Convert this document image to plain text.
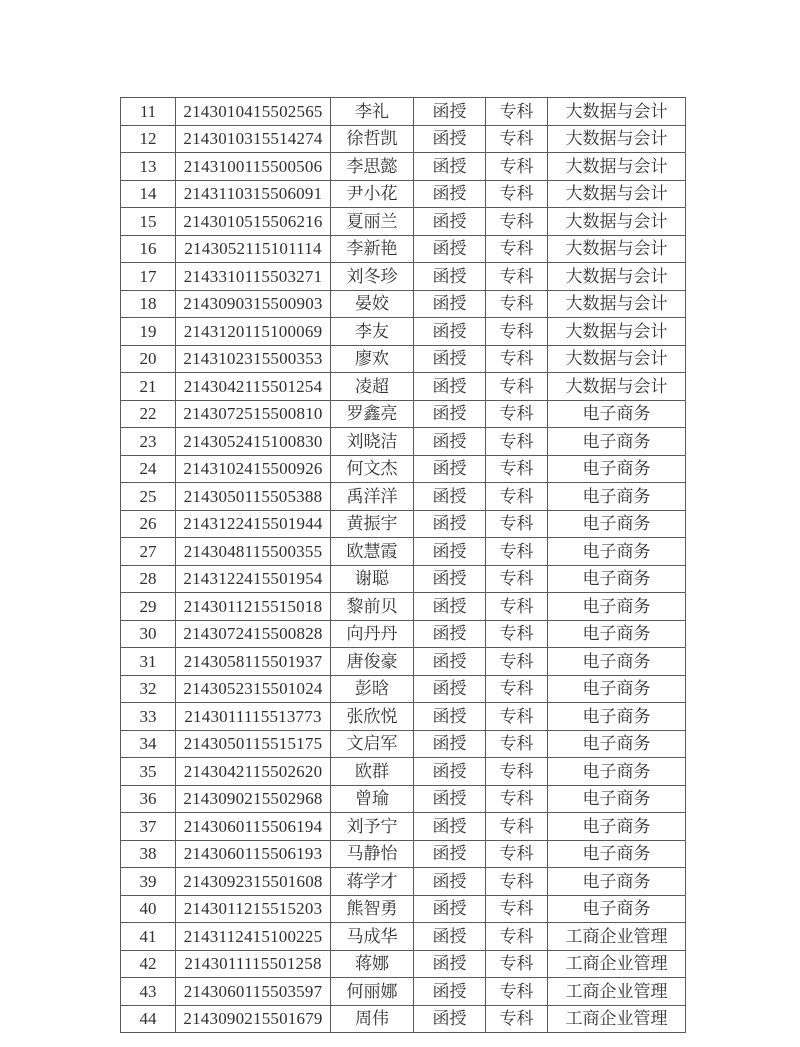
11	2143010415502565	李礼	函授	专科	大数据与会计
12	2143010315514274	徐哲凯	函授	专科	大数据与会计
13	2143100115500506	李思懿	函授	专科	大数据与会计
14	2143110315506091	尹小花	函授	专科	大数据与会计
15	2143010515506216	夏丽兰	函授	专科	大数据与会计
16	2143052115101114	李新艳	函授	专科	大数据与会计
17	2143310115503271	刘冬珍	函授	专科	大数据与会计
18	2143090315500903	晏姣	函授	专科	大数据与会计
19	2143120115100069	李友	函授	专科	大数据与会计
20	2143102315500353	廖欢	函授	专科	大数据与会计
21	2143042115501254	凌超	函授	专科	大数据与会计
22	2143072515500810	罗鑫亮	函授	专科	电子商务
23	2143052415100830	刘晓洁	函授	专科	电子商务
24	2143102415500926	何文杰	函授	专科	电子商务
25	2143050115505388	禹洋洋	函授	专科	电子商务
26	2143122415501944	黄振宇	函授	专科	电子商务
27	2143048115500355	欧慧霞	函授	专科	电子商务
28	2143122415501954	谢聪	函授	专科	电子商务
29	2143011215515018	黎前贝	函授	专科	电子商务
30	2143072415500828	向丹丹	函授	专科	电子商务
31	2143058115501937	唐俊豪	函授	专科	电子商务
32	2143052315501024	彭晗	函授	专科	电子商务
33	2143011115513773	张欣悦	函授	专科	电子商务
34	2143050115515175	文启军	函授	专科	电子商务
35	2143042115502620	欧群	函授	专科	电子商务
36	2143090215502968	曾瑜	函授	专科	电子商务
37	2143060115506194	刘予宁	函授	专科	电子商务
38	2143060115506193	马静怡	函授	专科	电子商务
39	2143092315501608	蒋学才	函授	专科	电子商务
40	2143011215515203	熊智勇	函授	专科	电子商务
41	2143112415100225	马成华	函授	专科	工商企业管理
42	2143011115501258	蒋娜	函授	专科	工商企业管理
43	2143060115503597	何丽娜	函授	专科	工商企业管理
44	2143090215501679	周伟	函授	专科	工商企业管理
